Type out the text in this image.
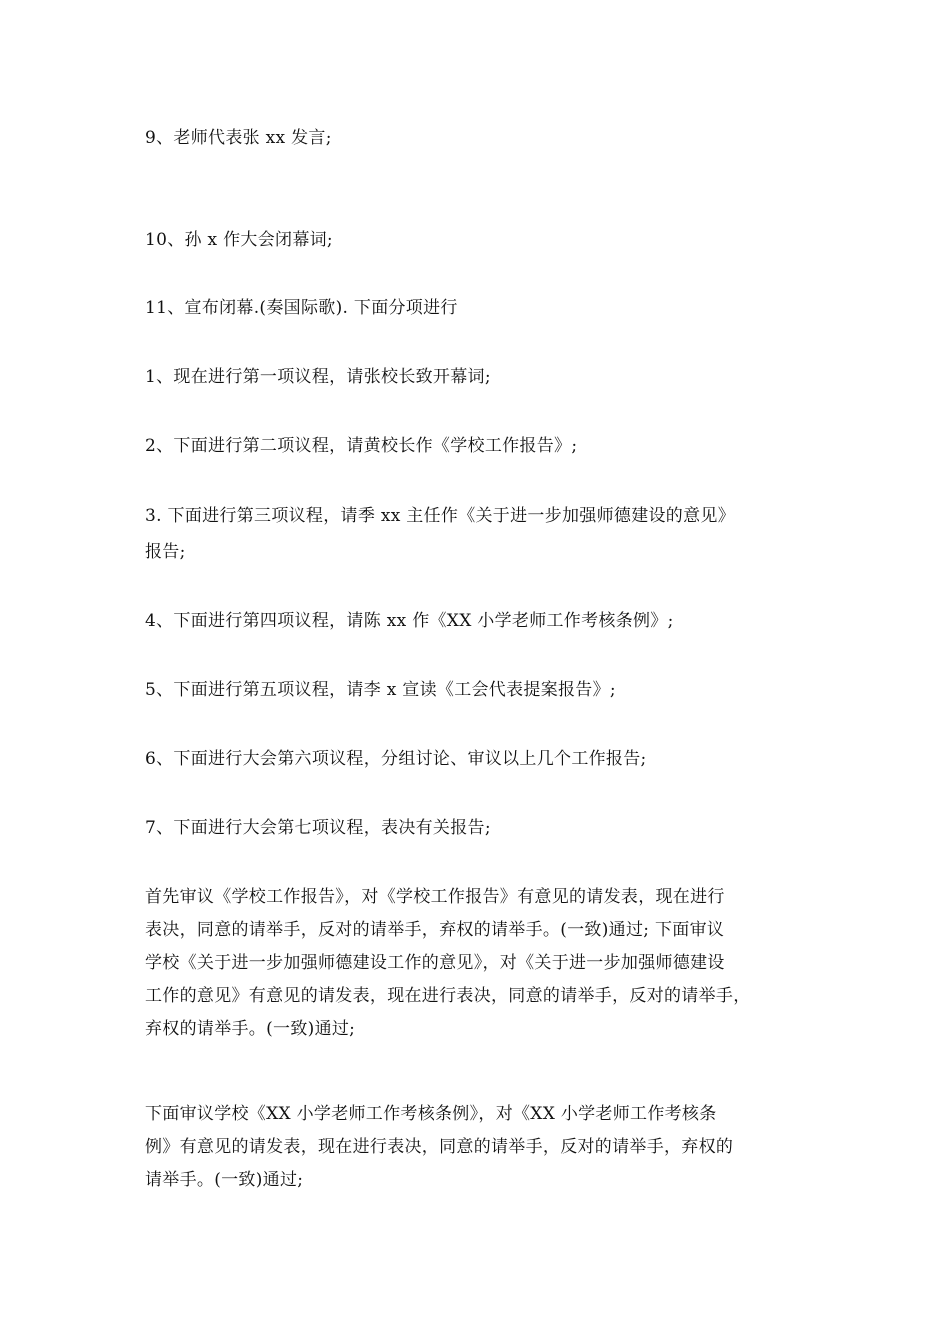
9、老师代表张 xx 发言;
10、孙 x 作大会闭幕词;
11、宣布闭幕.(奏国际歌). 下面分项进行
1、现在进行第一项议程，请张校长致开幕词;
2、下面进行第二项议程，请黄校长作《学校工作报告》;
3. 下面进行第三项议程，请季 xx 主任作《关于进一步加强师德建设的意见》
报告;
4、下面进行第四项议程，请陈 xx 作《XX 小学老师工作考核条例》;
5、下面进行第五项议程，请李 x 宣读《工会代表提案报告》;
6、下面进行大会第六项议程，分组讨论、审议以上几个工作报告;
7、下面进行大会第七项议程，表决有关报告;
首先审议《学校工作报告》，对《学校工作报告》有意见的请发表，现在进行
表决，同意的请举手，反对的请举手，弃权的请举手。(一致)通过; 下面审议
学校《关于进一步加强师德建设工作的意见》，对《关于进一步加强师德建设
工作的意见》有意见的请发表，现在进行表决，同意的请举手，反对的请举手，
弃权的请举手。(一致)通过;
下面审议学校《XX 小学老师工作考核条例》，对《XX 小学老师工作考核条
例》有意见的请发表，现在进行表决，同意的请举手，反对的请举手，弃权的
请举手。(一致)通过;
